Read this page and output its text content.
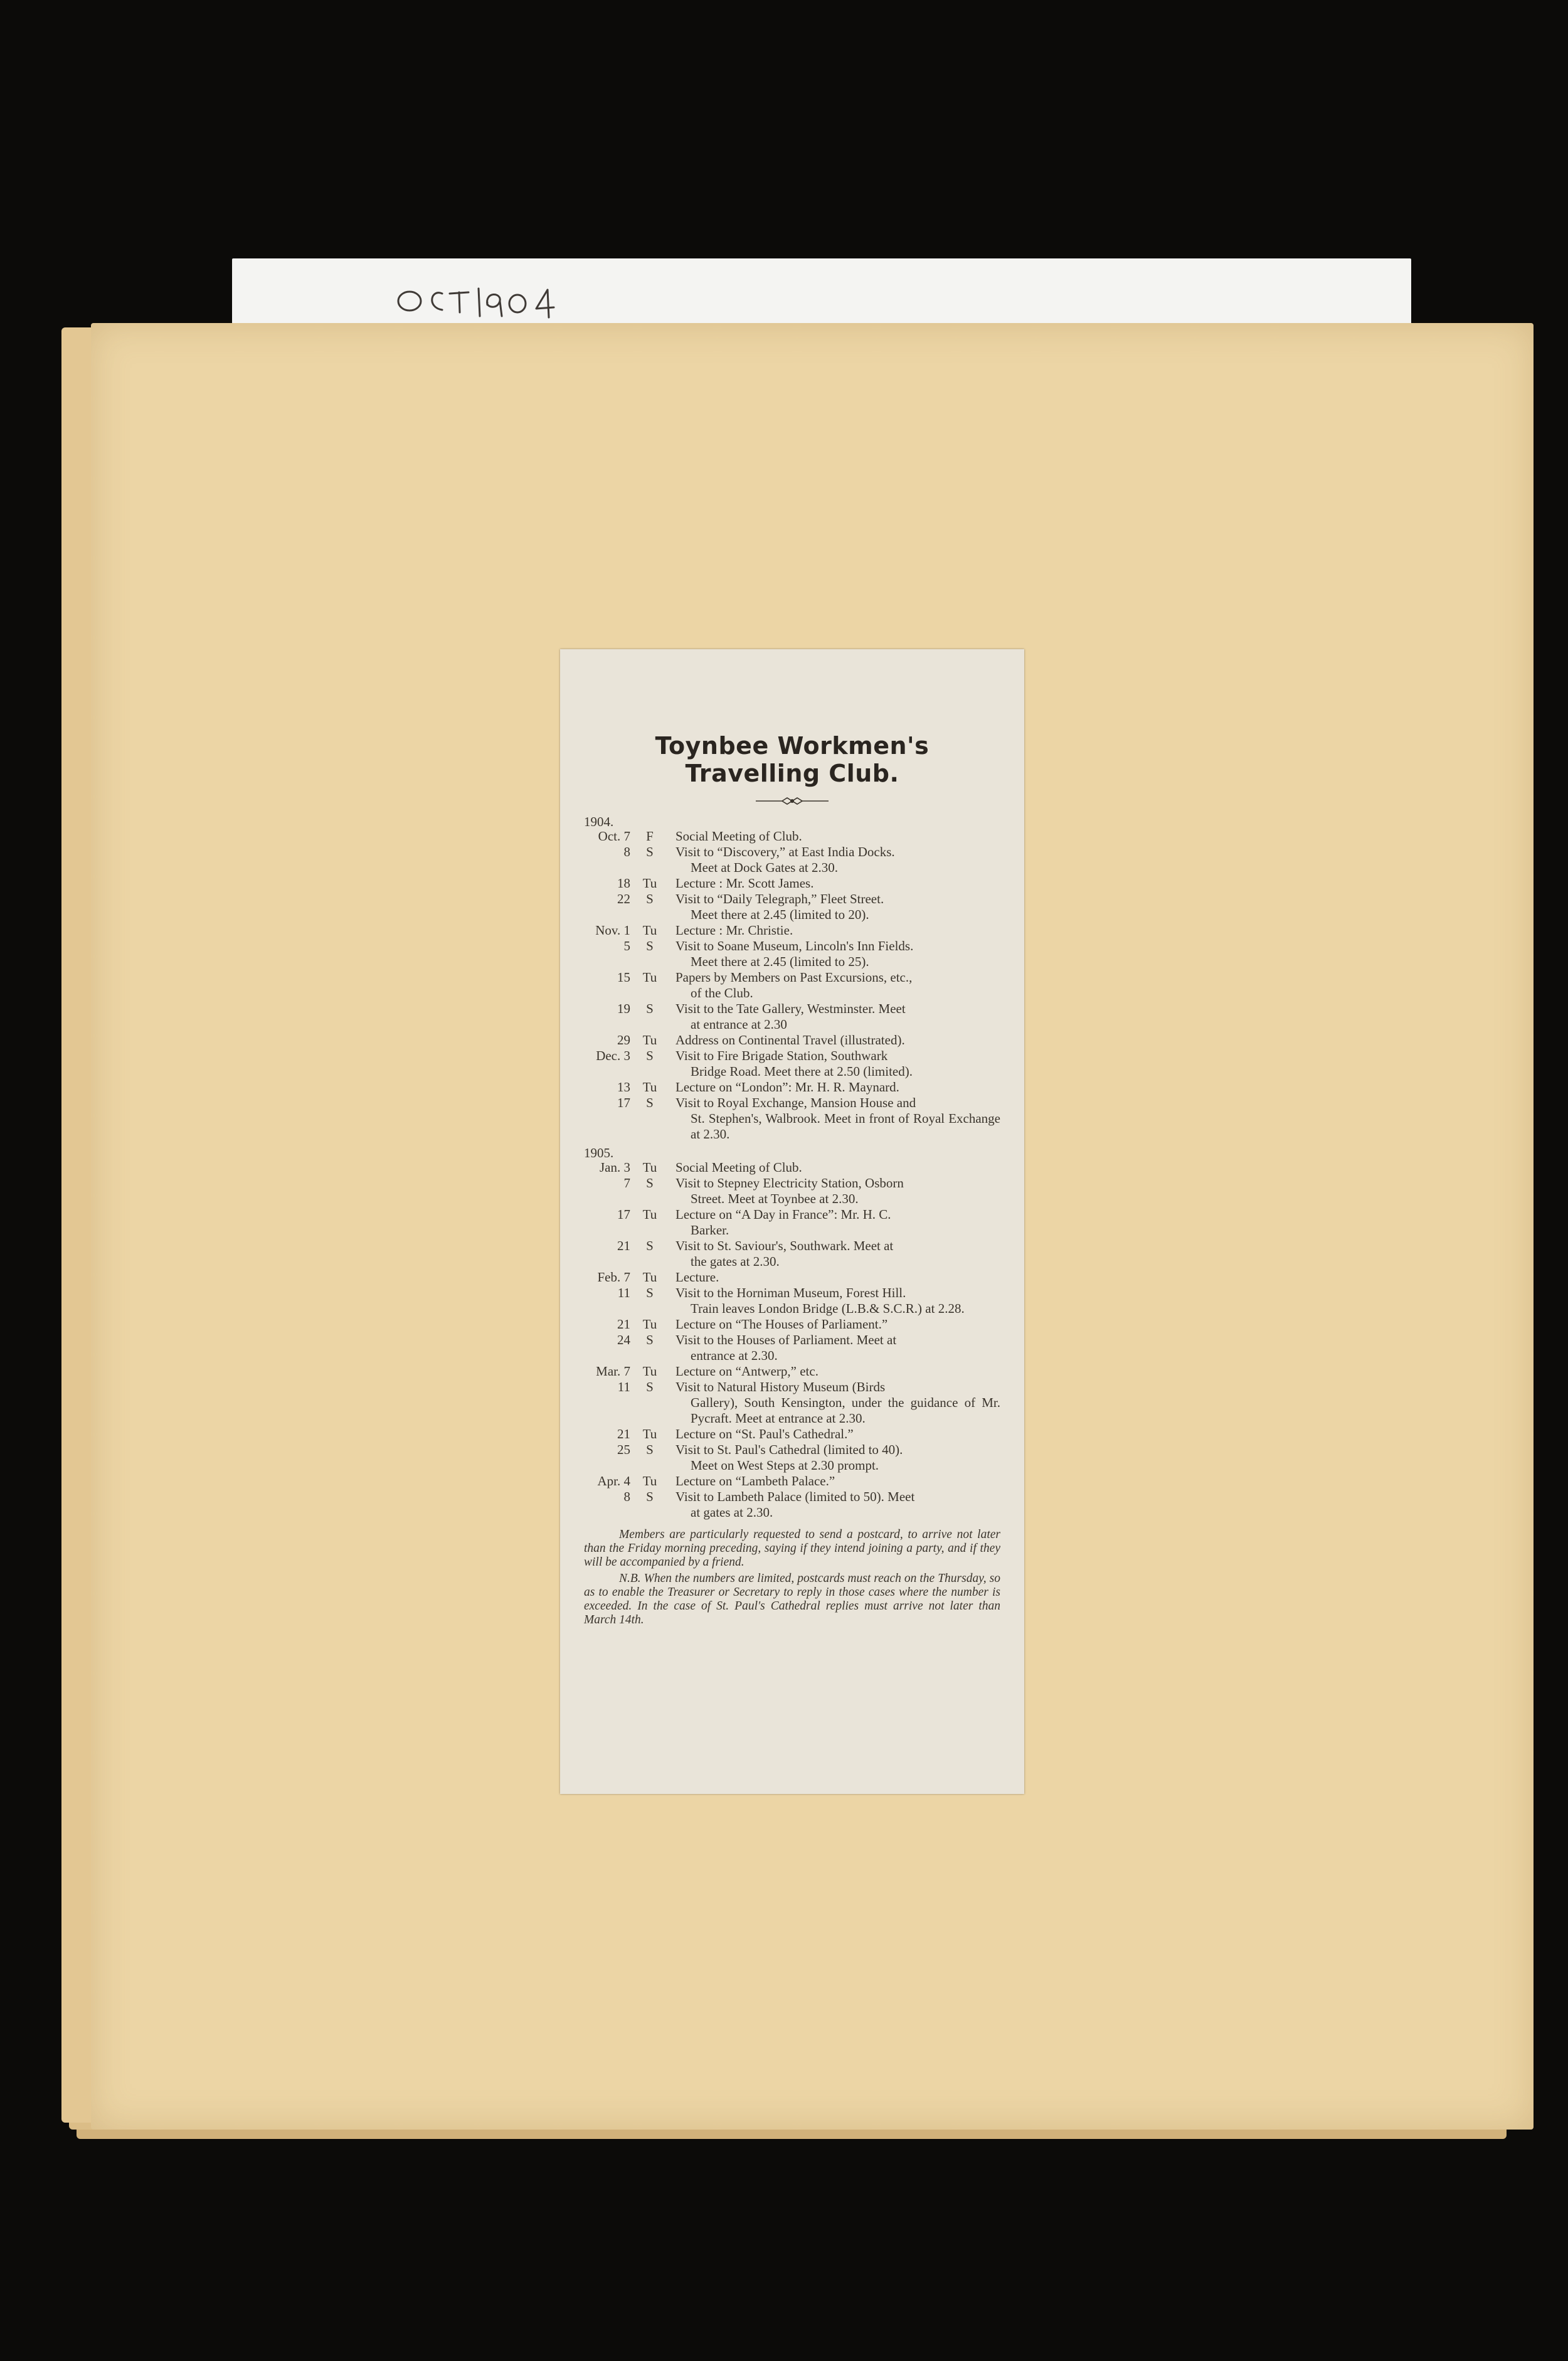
Toynbee Workmen's Travelling Club.
1904.
Oct. 7	F	Social Meeting of Club.
8	S	Visit to “Discovery,” at East India Docks.
Meet at Dock Gates at 2.30.
18 Tu	Lecture : Mr. Scott James.
22	S	Visit to “Daily Telegraph,” Fleet Street.
Meet there at 2.45 (limited to 20).
Nov. 1 Tu	Lecture : Mr. Christie.
5	S	Visit to Soane Museum, Lincoln's Inn Fields.
Meet there at 2.45 (limited to 25).
15 Tu	Papers by Members on Past Excursions, etc.,
of the Club.
19	S	Visit to the Tate Gallery, Westminster. Meet
at entrance at 2.30
29 Tu	Address on Continental Travel (illustrated).
Dec. 3	S	Visit to Fire Brigade Station, Southwark
Bridge Road. Meet there at 2.50 (limited).
13 Tu	Lecture on “London”: Mr. H. R. Maynard.
17	S	Visit to Royal Exchange, Mansion House and
St. Stephen's, Walbrook. Meet in front of Royal Exchange at 2.30.
1905.
Jan. 3 Tu	Social Meeting of Club.
7	S	Visit to Stepney Electricity Station, Osborn
Street. Meet at Toynbee at 2.30.
17 Tu	Lecture on “A Day in France”: Mr. H. C.
Barker.
21	S	Visit to St. Saviour's, Southwark. Meet at
the gates at 2.30.
Feb. 7 Tu	Lecture.
11	S	Visit to the Horniman Museum, Forest Hill.
Train leaves London Bridge (L.B.& S.C.R.) at 2.28.
21 Tu	Lecture on “The Houses of Parliament.”
24	S	Visit to the Houses of Parliament. Meet at
entrance at 2.30.
Mar. 7 Tu	Lecture on “Antwerp,” etc.
11	S	Visit to Natural History Museum (Birds
Gallery), South Kensington, under the guidance of Mr. Pycraft. Meet at entrance at 2.30.
21 Tu	Lecture on “St. Paul's Cathedral.”
25	S	Visit to St. Paul's Cathedral (limited to 40).
Meet on West Steps at 2.30 prompt.
Apr. 4 Tu	Lecture on “Lambeth Palace.”
8	S	Visit to Lambeth Palace (limited to 50). Meet
at gates at 2.30.

Members are particularly requested to send a postcard, to arrive not later than the Friday morning preceding, saying if they intend joining a party, and if they will be accompanied by a friend.

N.B. When the numbers are limited, postcards must reach on the Thursday, so as to enable the Treasurer or Secretary to reply in those cases where the number is exceeded. In the case of St. Paul's Cathedral replies must arrive not later than March 14th.
